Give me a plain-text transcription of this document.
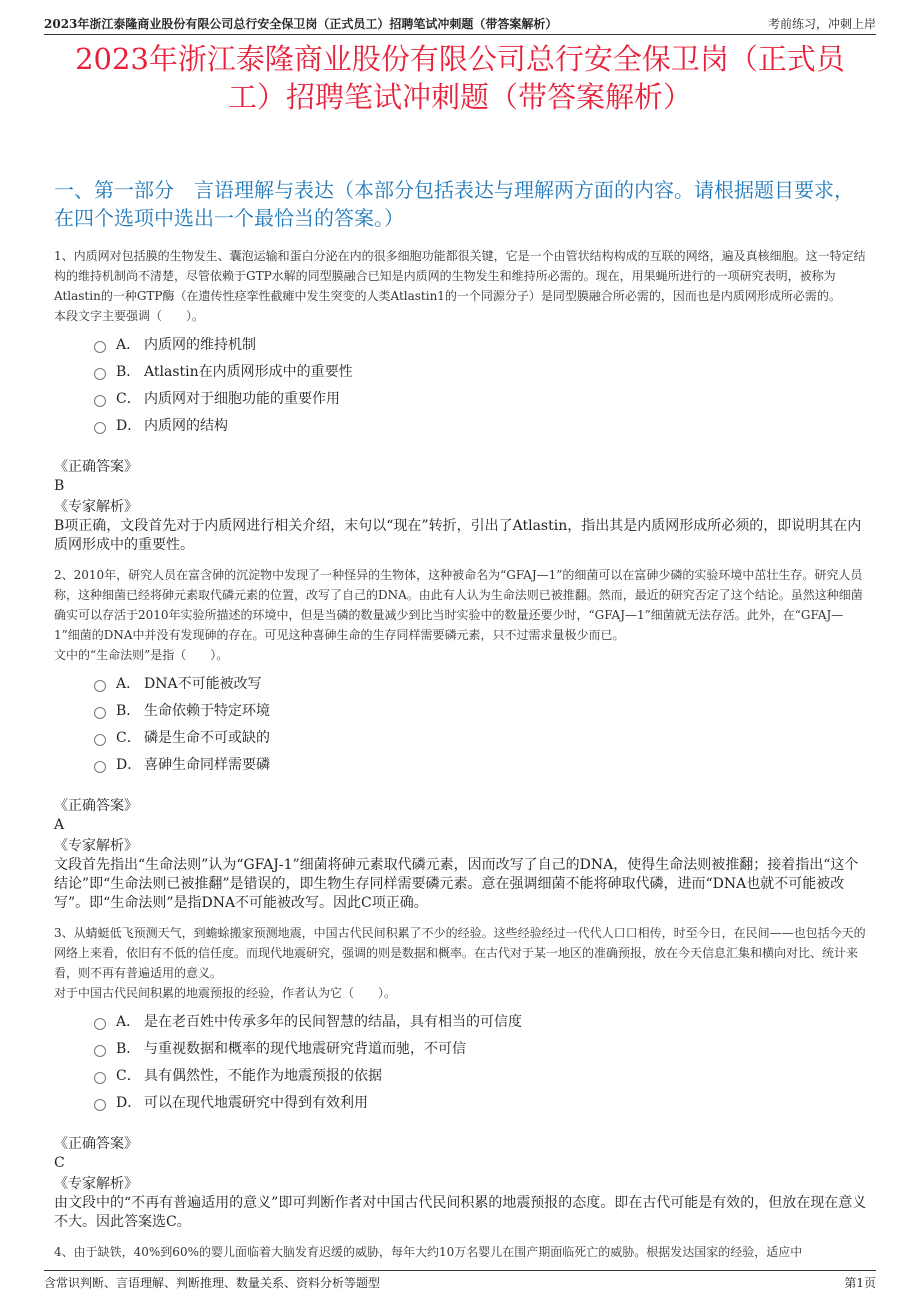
2023年浙江泰隆商业股份有限公司总行安全保卫岗（正式员工）招聘笔试冲刺题（带答案解析）	考前练习，冲刺上岸
2023年浙江泰隆商业股份有限公司总行安全保卫岗（正式员工）招聘笔试冲刺题（带答案解析）
一、第一部分　言语理解与表达（本部分包括表达与理解两方面的内容。请根据题目要求，在四个选项中选出一个最恰当的答案。）
1、内质网对包括膜的生物发生、囊泡运输和蛋白分泌在内的很多细胞功能都很关键，它是一个由管状结构构成的互联的网络，遍及真核细胞。这一特定结构的维持机制尚不清楚，尽管依赖于GTP水解的同型膜融合已知是内质网的生物发生和维持所必需的。现在，用果蝇所进行的一项研究表明，被称为Atlastin的一种GTP酶（在遗传性痉挛性截瘫中发生突变的人类Atlastin1的一个同源分子）是同型膜融合所必需的，因而也是内质网形成所必需的。
本段文字主要强调（　　）。
A． 内质网的维持机制
B． Atlastin在内质网形成中的重要性
C． 内质网对于细胞功能的重要作用
D． 内质网的结构
《正确答案》
B
《专家解析》
B项正确，文段首先对于内质网进行相关介绍，末句以“现在”转折，引出了Atlastin，指出其是内质网形成所必须的，即说明其在内质网形成中的重要性。
2、2010年，研究人员在富含砷的沉淀物中发现了一种怪异的生物体，这种被命名为“GFAJ—1”的细菌可以在富砷少磷的实验环境中茁壮生存。研究人员称，这种细菌已经将砷元素取代磷元素的位置，改写了自己的DNA。由此有人认为生命法则已被推翻。然而，最近的研究否定了这个结论。虽然这种细菌确实可以存活于2010年实验所描述的环境中，但是当磷的数量减少到比当时实验中的数量还要少时，“GFAJ—1”细菌就无法存活。此外，在“GFAJ—1”细菌的DNA中并没有发现砷的存在。可见这种喜砷生命的生存同样需要磷元素，只不过需求量极少而已。
文中的“生命法则”是指（　　）。
A． DNA不可能被改写
B． 生命依赖于特定环境
C． 磷是生命不可或缺的
D． 喜砷生命同样需要磷
《正确答案》
A
《专家解析》
文段首先指出“生命法则”认为“GFAJ-1”细菌将砷元素取代磷元素，因而改写了自己的DNA，使得生命法则被推翻；接着指出“这个结论”即“生命法则已被推翻”是错误的，即生物生存同样需要磷元素。意在强调细菌不能将砷取代磷，进而“DNA也就不可能被改写”。即“生命法则”是指DNA不可能被改写。因此C项正确。
3、从蜻蜓低飞预测天气，到蟾蜍搬家预测地震，中国古代民间积累了不少的经验。这些经验经过一代代人口口相传，时至今日，在民间——也包括今天的网络上来看，依旧有不低的信任度。而现代地震研究，强调的则是数据和概率。在古代对于某一地区的准确预报，放在今天信息汇集和横向对比、统计来看，则不再有普遍适用的意义。
对于中国古代民间积累的地震预报的经验，作者认为它（　　）。
A． 是在老百姓中传承多年的民间智慧的结晶，具有相当的可信度
B． 与重视数据和概率的现代地震研究背道而驰，不可信
C． 具有偶然性，不能作为地震预报的依据
D． 可以在现代地震研究中得到有效利用
《正确答案》
C
《专家解析》
由文段中的“不再有普遍适用的意义”即可判断作者对中国古代民间积累的地震预报的态度。即在古代可能是有效的，但放在现在意义不大。因此答案选C。
4、由于缺铁，40%到60%的婴儿面临着大脑发育迟缓的威胁，每年大约10万名婴儿在围产期面临死亡的威胁。根据发达国家的经验，适应中
含常识判断、言语理解、判断推理、数量关系、资料分析等题型	第1页
